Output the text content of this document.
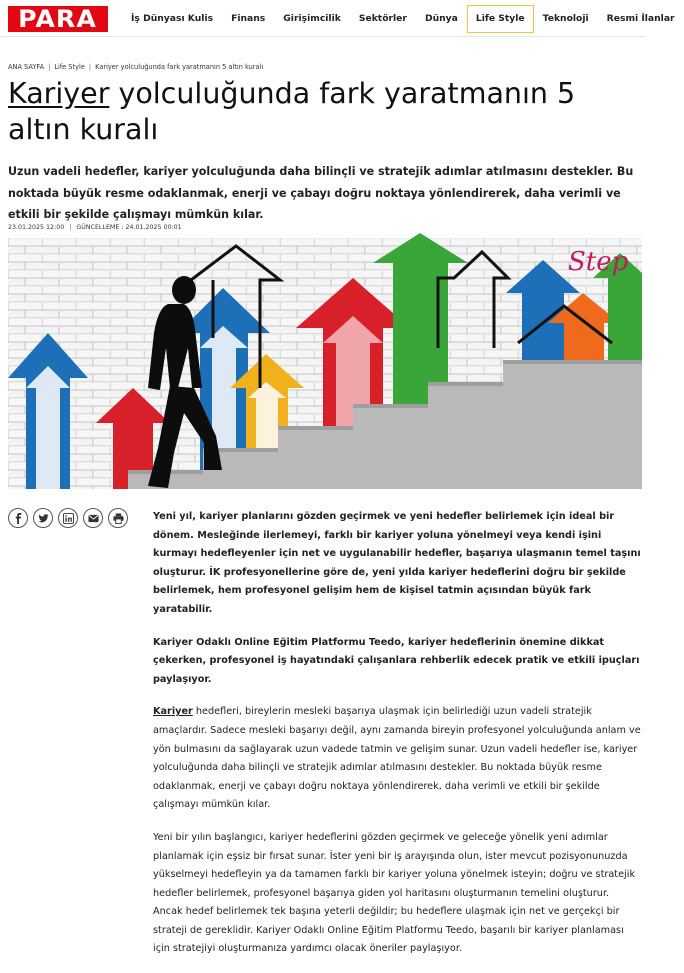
PARA	İş Dünyası Kulis	Finans	Girişimcilik	Sektörler	Dünya	Life Style	Teknoloji	Resmi İlanlar
ANA SAYFA | Life Style | Kariyer yolculuğunda fark yaratmanın 5 altın kuralı
Kariyer yolculuğunda fark yaratmanın 5 altın kuralı
Uzun vadeli hedefler, kariyer yolculuğunda daha bilinçli ve stratejik adımlar atılmasını destekler. Bu noktada büyük resme odaklanmak, enerji ve çabayı doğru noktaya yönlendirerek, daha verimli ve etkili bir şekilde çalışmayı mümkün kılar.
23.01.2025 12:00 | GÜNCELLEME : 24.01.2025 00:01
Step

Yeni yıl, kariyer planlarını gözden geçirmek ve yeni hedefler belirlemek için ideal bir dönem. Mesleğinde ilerlemeyi, farklı bir kariyer yoluna yönelmeyi veya kendi işini kurmayı hedefleyenler için net ve uygulanabilir hedefler, başarıya ulaşmanın temel taşını oluşturur. İK profesyonellerine göre de, yeni yılda kariyer hedeflerini doğru bir şekilde belirlemek, hem profesyonel gelişim hem de kişisel tatmin açısından büyük fark yaratabilir.

Kariyer Odaklı Online Eğitim Platformu Teedo, kariyer hedeflerinin önemine dikkat çekerken, profesyonel iş hayatındaki çalışanlara rehberlik edecek pratik ve etkili ipuçları paylaşıyor.

Kariyer hedefleri, bireylerin mesleki başarıya ulaşmak için belirlediği uzun vadeli stratejik amaçlardır. Sadece mesleki başarıyı değil, aynı zamanda bireyin profesyonel yolculuğunda anlam ve yön bulmasını da sağlayarak uzun vadede tatmin ve gelişim sunar. Uzun vadeli hedefler ise, kariyer yolculuğunda daha bilinçli ve stratejik adımlar atılmasını destekler. Bu noktada büyük resme odaklanmak, enerji ve çabayı doğru noktaya yönlendirerek, daha verimli ve etkili bir şekilde çalışmayı mümkün kılar.

Yeni bir yılın başlangıcı, kariyer hedeflerini gözden geçirmek ve geleceğe yönelik yeni adımlar planlamak için eşsiz bir fırsat sunar. İster yeni bir iş arayışında olun, ister mevcut pozisyonunuzda yükselmeyi hedefleyin ya da tamamen farklı bir kariyer yoluna yönelmek isteyin; doğru ve stratejik hedefler belirlemek, profesyonel başarıya giden yol haritasını oluşturmanın temelini oluşturur. Ancak hedef belirlemek tek başına yeterli değildir; bu hedeflere ulaşmak için net ve gerçekçi bir strateji de gereklidir. Kariyer Odaklı Online Eğitim Platformu Teedo, başarılı bir kariyer planlaması için stratejiyi oluşturmanıza yardımcı olacak öneriler paylaşıyor.
